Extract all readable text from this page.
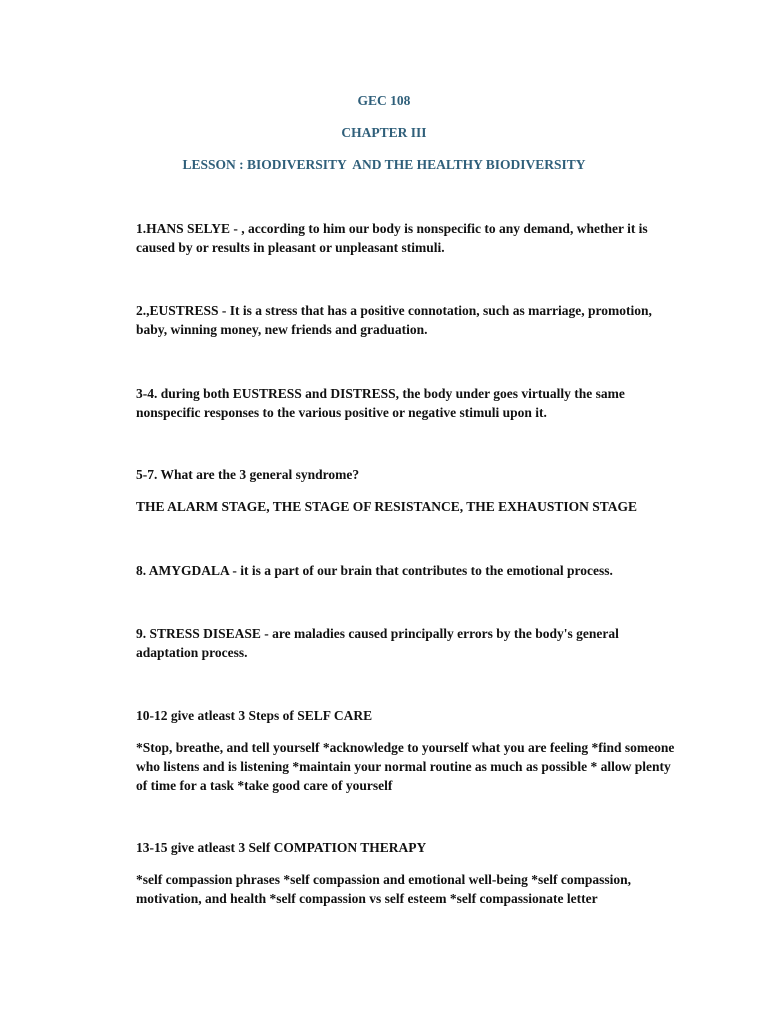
GEC 108
CHAPTER III
LESSON : BIODIVERSITY  AND THE HEALTHY BIODIVERSITY
1.HANS SELYE - , according to him our body is nonspecific to any demand, whether it is caused by or results in pleasant or unpleasant stimuli.
2.,EUSTRESS - It is a stress that has a positive connotation, such as marriage, promotion, baby, winning money, new friends and graduation.
3-4. during both EUSTRESS and DISTRESS, the body under goes virtually the same nonspecific responses to the various positive or negative stimuli upon it.
5-7. What are the 3 general syndrome?
THE ALARM STAGE, THE STAGE OF RESISTANCE, THE EXHAUSTION STAGE
8. AMYGDALA - it is a part of our brain that contributes to the emotional process.
9. STRESS DISEASE - are maladies caused principally errors by the body's general adaptation process.
10-12 give atleast 3 Steps of SELF CARE
*Stop, breathe, and tell yourself *acknowledge to yourself what you are feeling *find someone who listens and is listening *maintain your normal routine as much as possible * allow plenty of time for a task *take good care of yourself
13-15 give atleast 3 Self COMPATION THERAPY
*self compassion phrases *self compassion and emotional well-being *self compassion, motivation, and health *self compassion vs self esteem *self compassionate letter
